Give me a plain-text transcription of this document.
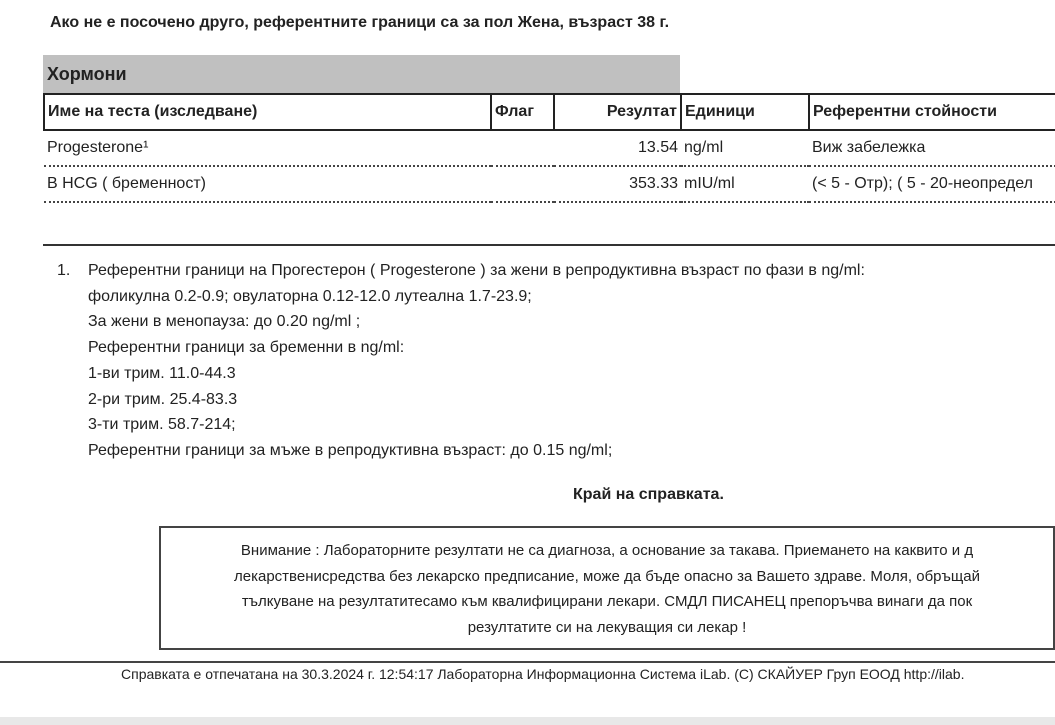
Ако не е посочено друго, референтните граници са за пол Жена, възраст 38 г.
Хормони
Име на теста (изследване)	Флаг	Резултат	Единици	Референтни стойности
Progesterone¹		13.54	ng/ml	Виж забележка
B HCG ( бременност)		353.33	mIU/ml	(< 5 - Отр); ( 5 - 20-неопредел
1. Референтни граници на Прогестерон ( Progesterone ) за жени в репродуктивна възраст по фази в ng/ml:
фоликулна 0.2-0.9; овулаторна 0.12-12.0 лутеална 1.7-23.9;
За жени в менопауза: до 0.20 ng/ml ;
Референтни граници за бременни в ng/ml:
1-ви трим. 11.0-44.3
2-ри трим. 25.4-83.3
3-ти трим. 58.7-214;
Референтни граници за мъже в репродуктивна възраст: до 0.15 ng/ml;
Край на справката.
Внимание : Лабораторните резултати не са диагноза, а основание за такава. Приемането на каквито и д
лекарственисредства без лекарско предписание, може да бъде опасно за Вашето здраве. Моля, обръщай
тълкуване на резултатитесамо към квалифицирани лекари. СМДЛ ПИСАНЕЦ препоръчва винаги да пок
резултатите си на лекуващия си лекар !
Справката е отпечатана на 30.3.2024 г. 12:54:17 Лабораторна Информационна Система iLab. (C) СКАЙУЕР Груп ЕООД http://ilab.
